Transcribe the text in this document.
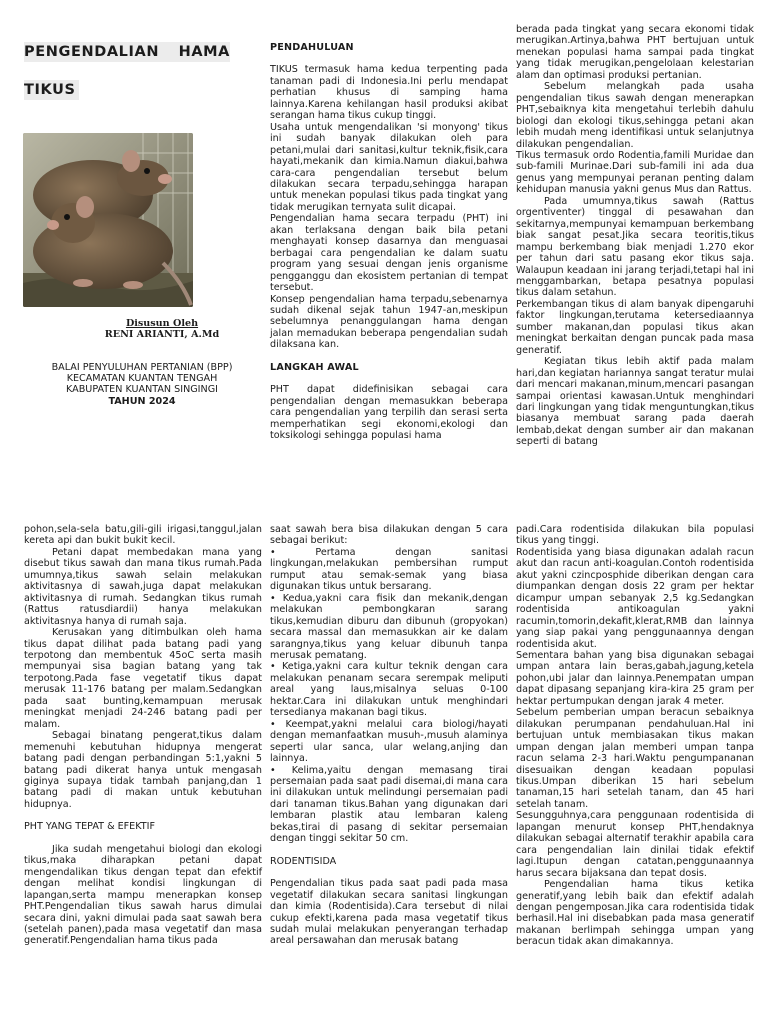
PENGENDALIAN HAMA
TIKUS
Disusun Oleh
RENI ARIANTI, A.Md
BALAI PENYULUHAN PERTANIAN (BPP)
KECAMATAN KUANTAN TENGAH
KABUPATEN KUANTAN SINGINGI
TAHUN 2024

PENDAHULUAN

TIKUS termasuk hama kedua terpenting pada tanaman padi di Indonesia.Ini perlu mendapat perhatian khusus di samping hama lainnya.Karena kehilangan hasil produksi akibat serangan hama tikus cukup tinggi.

Usaha untuk mengendalikan 'si monyong' tikus ini sudah banyak dilakukan oleh para petani,mulai dari sanitasi,kultur teknik,fisik,cara hayati,mekanik dan kimia.Namun diakui,bahwa cara-cara pengendalian tersebut belum dilakukan secara terpadu,sehingga harapan untuk menekan populasi tikus pada tingkat yang tidak merugikan ternyata sulit dicapai.

Pengendalian hama secara terpadu (PHT) ini akan terlaksana dengan baik bila petani menghayati konsep dasarnya dan menguasai berbagai cara pengendalian ke dalam suatu program yang sesuai dengan jenis organisme pengganggu dan ekosistem pertanian di tempat tersebut.

Konsep pengendalian hama terpadu,sebenarnya sudah dikenal sejak tahun 1947-an,meskipun sebelumnya penanggulangan hama dengan jalan memadukan beberapa pengendalian sudah dilaksana kan.

LANGKAH AWAL

PHT dapat didefinisikan sebagai cara pengendalian dengan memasukkan beberapa cara pengendalian yang terpilih dan serasi serta memperhatikan segi ekonomi,ekologi dan toksikologi sehingga populasi hama

berada pada tingkat yang secara ekonomi tidak merugikan.Artinya,bahwa PHT bertujuan untuk menekan populasi hama sampai pada tingkat yang tidak merugikan,pengelolaan kelestarian alam dan optimasi produksi pertanian.

Sebelum melangkah pada usaha pengendalian tikus sawah dengan menerapkan PHT,sebaiknya kita mengetahui terlebih dahulu biologi dan ekologi tikus,sehingga petani akan lebih mudah meng identifikasi untuk selanjutnya dilakukan pengendalian.

Tikus termasuk ordo Rodentia,famili Muridae dan sub-famili Murinae.Dari sub-famili ini ada dua genus yang mempunyai peranan penting dalam kehidupan manusia yakni genus Mus dan Rattus.

Pada umumnya,tikus sawah (Rattus orgentiventer) tinggal di pesawahan dan sekitarnya,mempunyai kemampuan berkembang biak sangat pesat.Jika secara teoritis,tikus mampu berkembang biak menjadi 1.270 ekor per tahun dari satu pasang ekor tikus saja. Walaupun keadaan ini jarang terjadi,tetapi hal ini menggambarkan, betapa pesatnya populasi tikus dalam setahun.

Perkembangan tikus di alam banyak dipengaruhi faktor lingkungan,terutama ketersediaannya sumber makanan,dan populasi tikus akan meningkat berkaitan dengan puncak pada masa generatif.

Kegiatan tikus lebih aktif pada malam hari,dan kegiatan hariannya sangat teratur mulai dari mencari makanan,minum,mencari pasangan sampai orientasi kawasan.Untuk menghindari dari lingkungan yang tidak menguntungkan,tikus biasanya membuat sarang pada daerah lembab,dekat dengan sumber air dan makanan seperti di batang

pohon,sela-sela batu,gili-gili irigasi,tanggul,jalan kereta api dan bukit bukit kecil.

Petani dapat membedakan mana yang disebut tikus sawah dan mana tikus rumah.Pada umumnya,tikus sawah selain melakukan aktivitasnya di sawah,juga dapat melakukan aktivitasnya di rumah. Sedangkan tikus rumah (Rattus ratusdiardii) hanya melakukan aktivitasnya hanya di rumah saja.

Kerusakan yang ditimbulkan oleh hama tikus dapat dilihat pada batang padi yang terpotong dan membentuk 45oC serta masih mempunyai sisa bagian batang yang tak terpotong.Pada fase vegetatif tikus dapat merusak 11-176 batang per malam.Sedangkan pada saat bunting,kemampuan merusak meningkat menjadi 24-246 batang padi per malam.

Sebagai binatang pengerat,tikus dalam memenuhi kebutuhan hidupnya mengerat batang padi dengan perbandingan 5:1,yakni 5 batang padi dikerat hanya untuk mengasah giginya supaya tidak tambah panjang,dan 1 batang padi di makan untuk kebutuhan hidupnya.

PHT YANG TEPAT & EFEKTIF

Jika sudah mengetahui biologi dan ekologi tikus,maka diharapkan petani dapat mengendalikan tikus dengan tepat dan efektif dengan melihat kondisi lingkungan di lapangan,serta mampu menerapkan konsep PHT.Pengendalian tikus sawah harus dimulai secara dini, yakni dimulai pada saat sawah bera (setelah panen),pada masa vegetatif dan masa generatif.Pengendalian hama tikus pada

saat sawah bera bisa dilakukan dengan 5 cara sebagai berikut:

• Pertama dengan sanitasi lingkungan,melakukan pembersihan rumput rumput atau semak-semak yang biasa digunakan tikus untuk bersarang.

• Kedua,yakni cara fisik dan mekanik,dengan melakukan pembongkaran sarang tikus,kemudian diburu dan dibunuh (gropyokan) secara massal dan memasukkan air ke dalam sarangnya,tikus yang keluar dibunuh tanpa merusak pematang.

• Ketiga,yakni cara kultur teknik dengan cara melakukan penanam secara serempak meliputi areal yang laus,misalnya seluas 0-100 hektar.Cara ini dilakukan untuk menghindari tersedianya makanan bagi tikus.

• Keempat,yakni melalui cara biologi/hayati dengan memanfaatkan musuh-,musuh alaminya seperti ular sanca, ular welang,anjing dan lainnya.

• Kelima,yaitu dengan memasang tirai persemaian pada saat padi disemai,di mana cara ini dilakukan untuk melindungi persemaian padi dari tanaman tikus.Bahan yang digunakan dari lembaran plastik atau lembaran kaleng bekas,tirai di pasang di sekitar persemaian dengan tinggi sekitar 50 cm.

RODENTISIDA

Pengendalian tikus pada saat padi pada masa vegetatif dilakukan secara sanitasi lingkungan dan kimia (Rodentisida).Cara tersebut di nilai cukup efekti,karena pada masa vegetatif tikus sudah mulai melakukan penyerangan terhadap areal persawahan dan merusak batang

padi.Cara rodentisida dilakukan bila populasi tikus yang tinggi.

Rodentisida yang biasa digunakan adalah racun akut dan racun anti-koagulan.Contoh rodentisida akut yakni czincposphide diberikan dengan cara diumpankan dengan dosis 22 gram per hektar dicampur umpan sebanyak 2,5 kg.Sedangkan rodentisida antikoagulan yakni racumin,tomorin,dekafit,klerat,RMB dan lainnya yang siap pakai yang penggunaannya dengan rodentisida akut.

Sementara bahan yang bisa digunakan sebagai umpan antara lain beras,gabah,jagung,ketela pohon,ubi jalar dan lainnya.Penempatan umpan dapat dipasang sepanjang kira-kira 25 gram per hektar pertumpukan dengan jarak 4 meter.

Sebelum pemberian umpan beracun sebaiknya dilakukan perumpanan pendahuluan.Hal ini bertujuan untuk membiasakan tikus makan umpan dengan jalan memberi umpan tanpa racun selama 2-3 hari.Waktu pengumpananan disesuaikan dengan keadaan populasi tikus.Umpan diberikan 15 hari sebelum tanaman,15 hari setelah tanam, dan 45 hari setelah tanam.

Sesungguhnya,cara penggunaan rodentisida di lapangan menurut konsep PHT,hendaknya dilakukan sebagai alternatif terakhir apabila cara cara pengendalian lain dinilai tidak efektif lagi.Itupun dengan catatan,penggunaannya harus secara bijaksana dan tepat dosis.

Pengendalian hama tikus ketika generatif,yang lebih baik dan efektif adalah dengan pengemposan.Jika cara rodentisida tidak berhasil.Hal ini disebabkan pada masa generatif makanan berlimpah sehingga umpan yang beracun tidak akan dimakannya.
